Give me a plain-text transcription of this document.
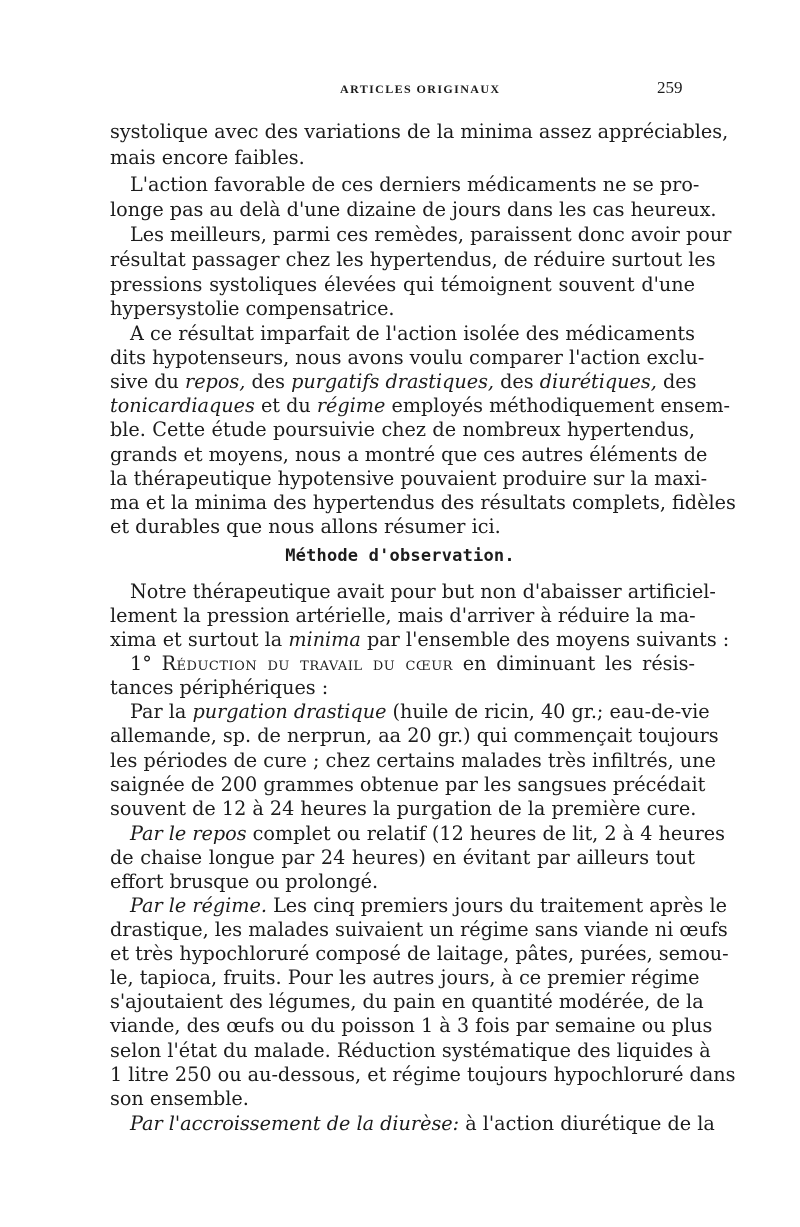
ARTICLES ORIGINAUX	259
systolique avec des variations de la minima assez appréciables,
mais encore faibles.
L'action favorable de ces derniers médicaments ne se pro-
longe pas au delà d'une dizaine de jours dans les cas heureux.
Les meilleurs, parmi ces remèdes, paraissent donc avoir pour
résultat passager chez les hypertendus, de réduire surtout les
pressions systoliques élevées qui témoignent souvent d'une
hypersystolie compensatrice.
A ce résultat imparfait de l'action isolée des médicaments
dits hypotenseurs, nous avons voulu comparer l'action exclu-
sive du repos, des purgatifs drastiques, des diurétiques, des
tonicardiaques et du régime employés méthodiquement ensem-
ble. Cette étude poursuivie chez de nombreux hypertendus,
grands et moyens, nous a montré que ces autres éléments de
la thérapeutique hypotensive pouvaient produire sur la maxi-
ma et la minima des hypertendus des résultats complets, fidèles
et durables que nous allons résumer ici.
Méthode d'observation.
Notre thérapeutique avait pour but non d'abaisser artificiel-
lement la pression artérielle, mais d'arriver à réduire la ma-
xima et surtout la minima par l'ensemble des moyens suivants :
1° Réduction du travail du cœur en diminuant les résis-
tances périphériques :
Par la purgation drastique (huile de ricin, 40 gr.; eau-de-vie
allemande, sp. de nerprun, aa 20 gr.) qui commençait toujours
les périodes de cure ; chez certains malades très infiltrés, une
saignée de 200 grammes obtenue par les sangsues précédait
souvent de 12 à 24 heures la purgation de la première cure.
Par le repos complet ou relatif (12 heures de lit, 2 à 4 heures
de chaise longue par 24 heures) en évitant par ailleurs tout
effort brusque ou prolongé.
Par le régime. Les cinq premiers jours du traitement après le
drastique, les malades suivaient un régime sans viande ni œufs
et très hypochloruré composé de laitage, pâtes, purées, semou-
le, tapioca, fruits. Pour les autres jours, à ce premier régime
s'ajoutaient des légumes, du pain en quantité modérée, de la
viande, des œufs ou du poisson 1 à 3 fois par semaine ou plus
selon l'état du malade. Réduction systématique des liquides à
1 litre 250 ou au-dessous, et régime toujours hypochloruré dans
son ensemble.
Par l'accroissement de la diurèse: à l'action diurétique de la
